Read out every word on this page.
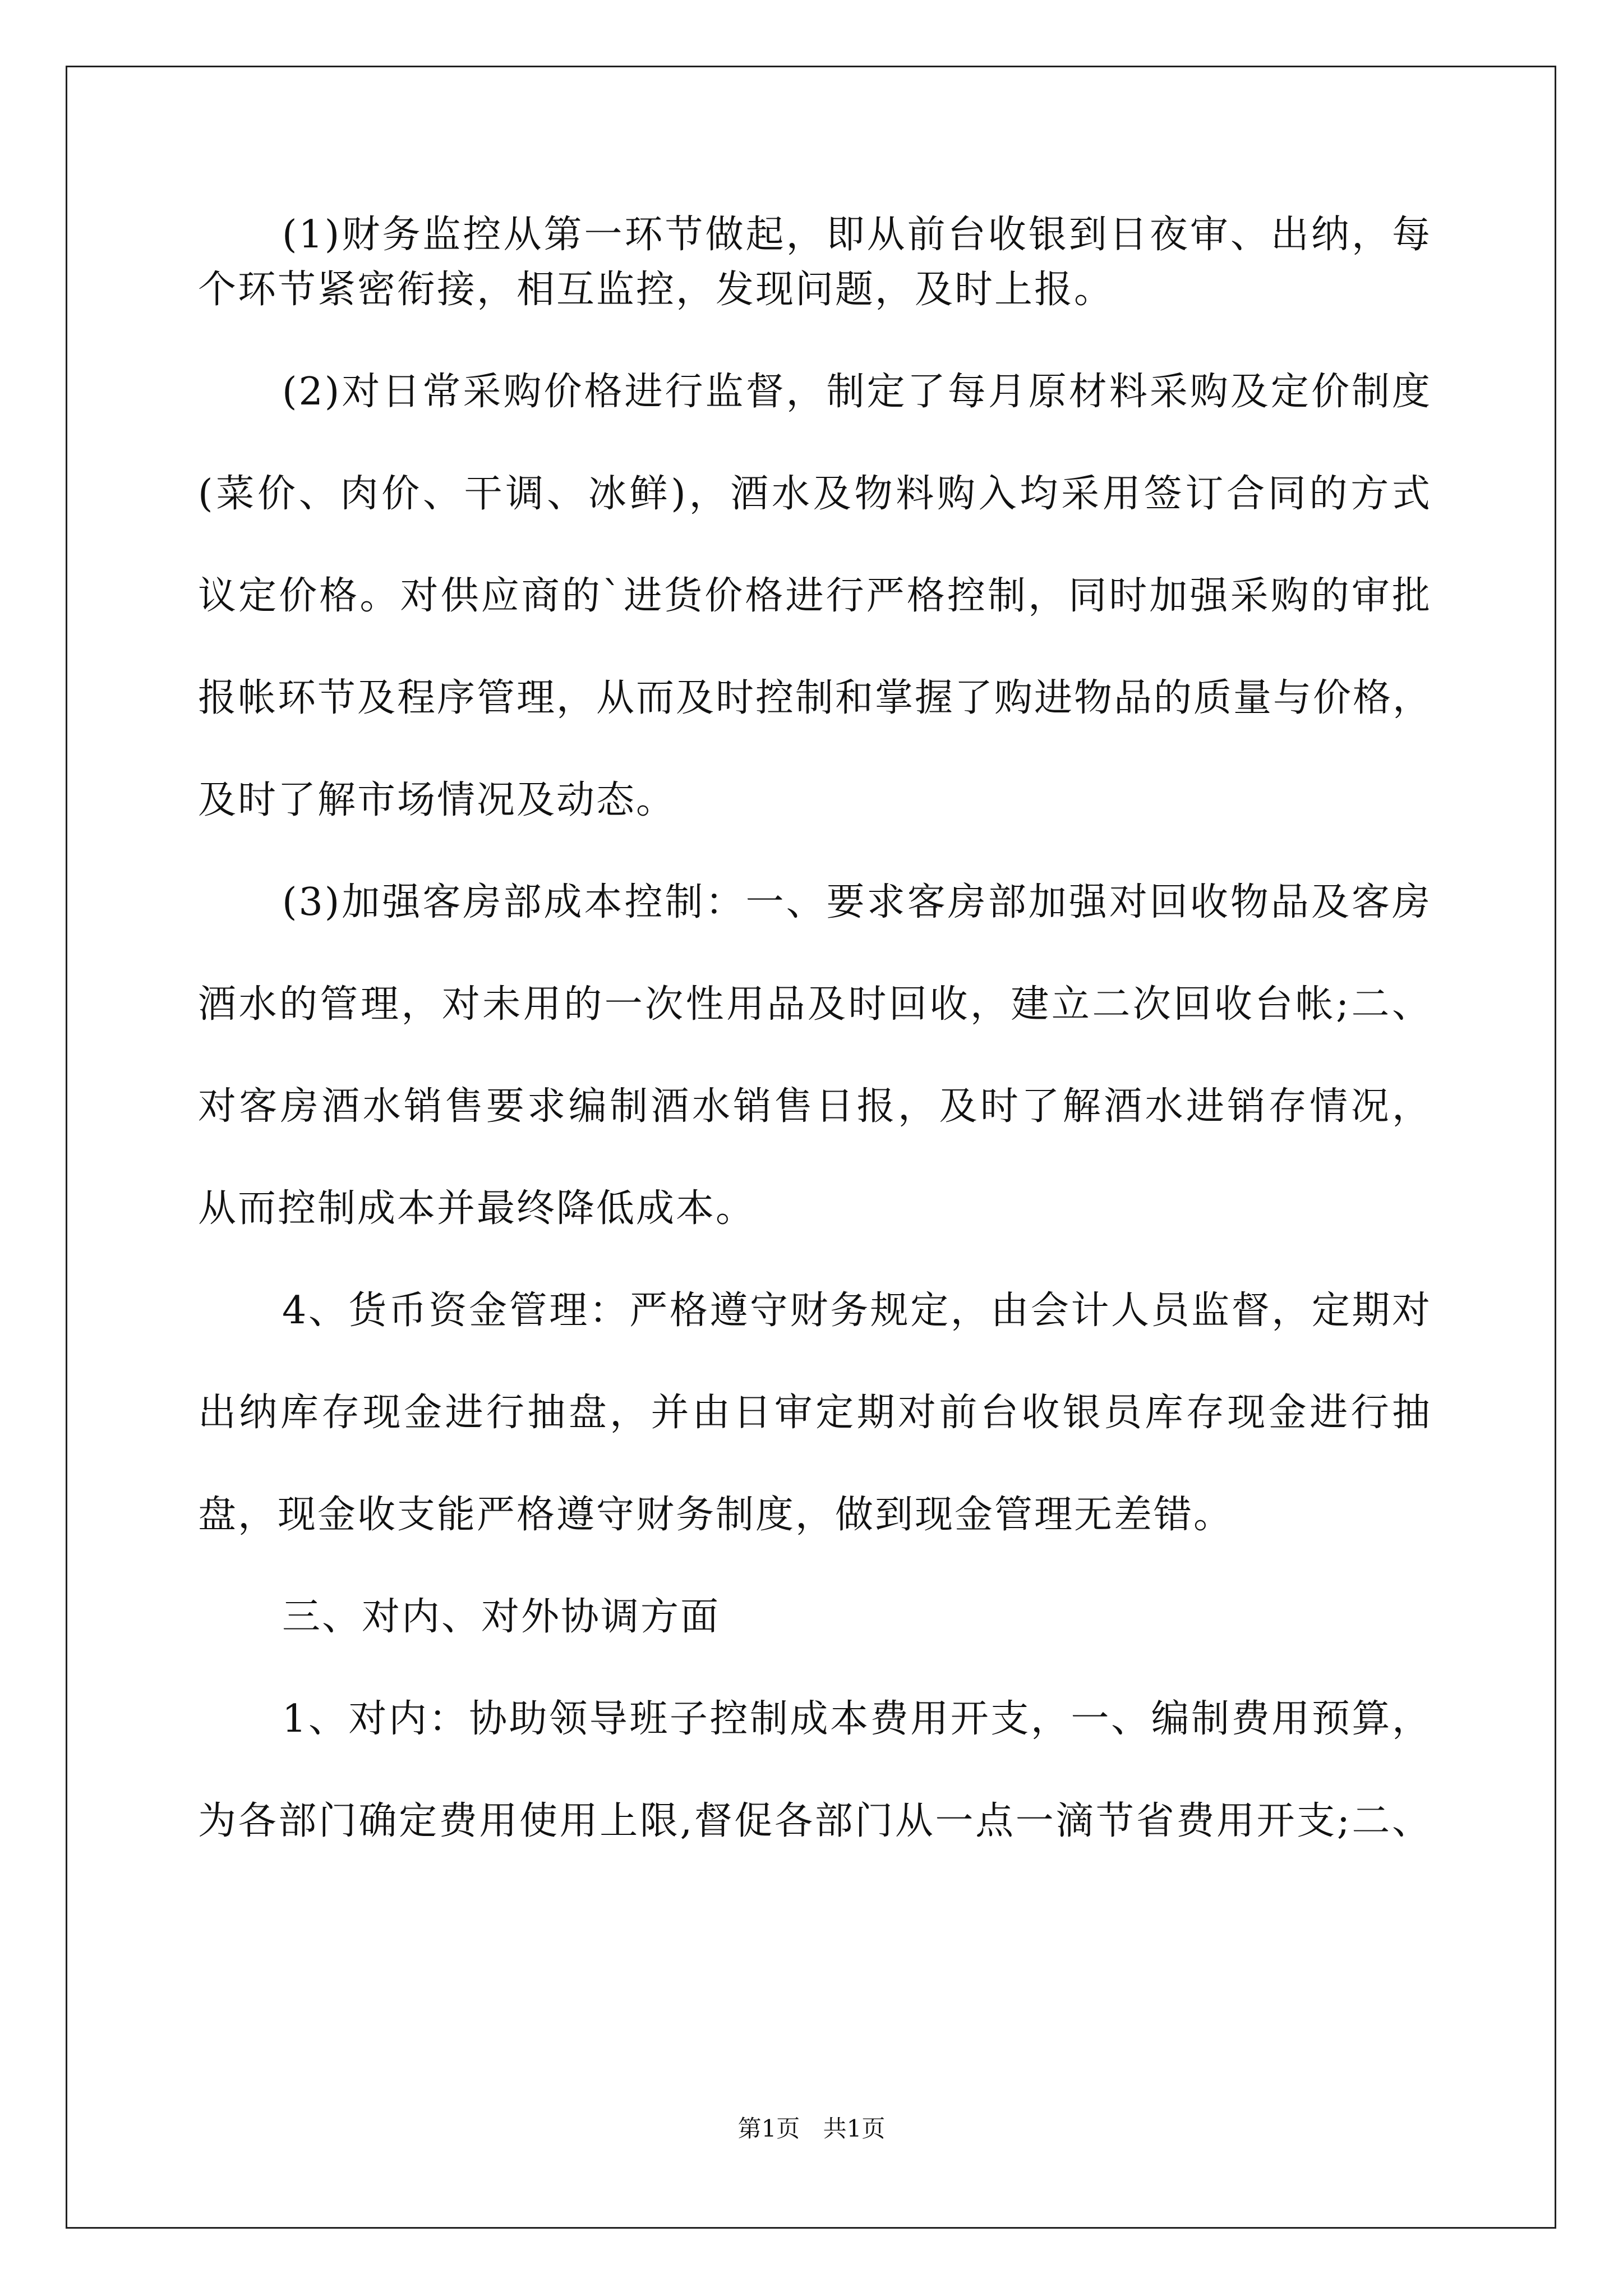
(1)财务监控从第一环节做起，即从前台收银到日夜审、出纳，每
个环节紧密衔接，相互监控，发现问题，及时上报。
(2)对日常采购价格进行监督，制定了每月原材料采购及定价制度
(菜价、肉价、干调、冰鲜)，酒水及物料购入均采用签订合同的方式
议定价格。对供应商的`进货价格进行严格控制，同时加强采购的审批
报帐环节及程序管理，从而及时控制和掌握了购进物品的质量与价格，
及时了解市场情况及动态。
(3)加强客房部成本控制：一、要求客房部加强对回收物品及客房
酒水的管理，对未用的一次性用品及时回收，建立二次回收台帐;二、
对客房酒水销售要求编制酒水销售日报，及时了解酒水进销存情况，
从而控制成本并最终降低成本。
4、货币资金管理：严格遵守财务规定，由会计人员监督，定期对
出纳库存现金进行抽盘，并由日审定期对前台收银员库存现金进行抽
盘，现金收支能严格遵守财务制度，做到现金管理无差错。
三、对内、对外协调方面
1、对内：协助领导班子控制成本费用开支，一、编制费用预算，
为各部门确定费用使用上限,督促各部门从一点一滴节省费用开支;二、
第1页 共1页
